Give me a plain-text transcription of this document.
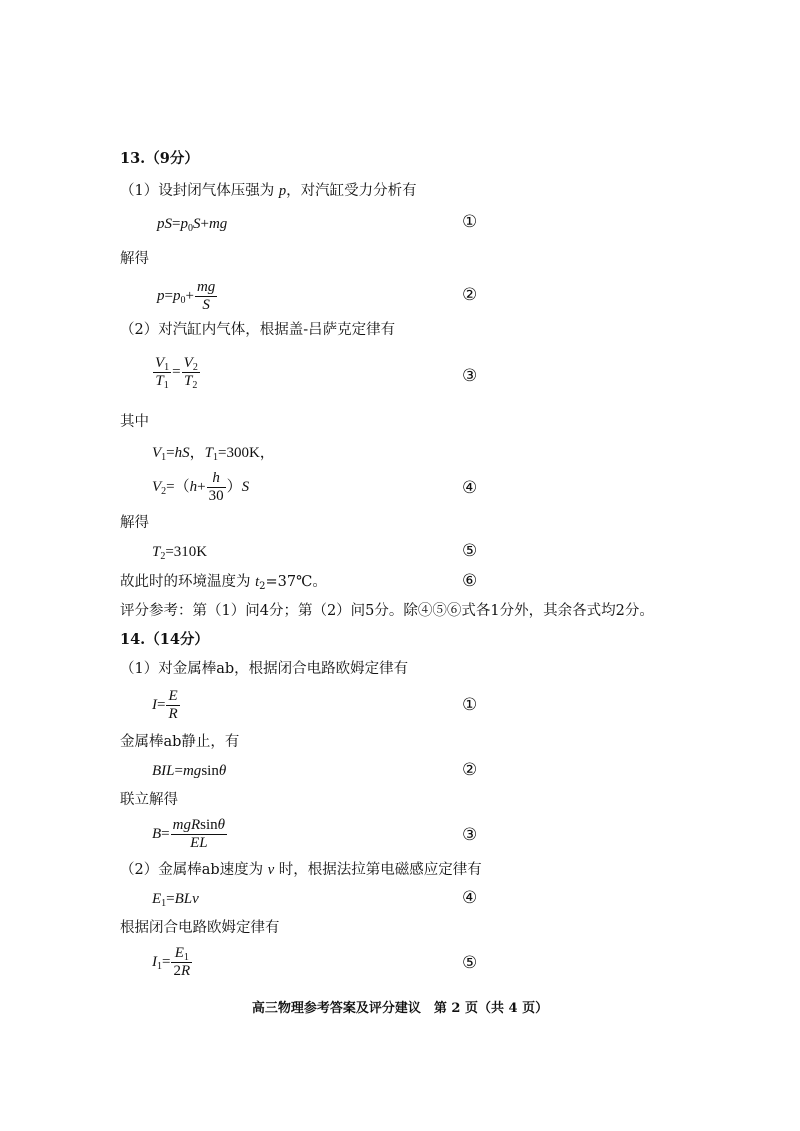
13.（9分）
（1）设封闭气体压强为 p，对汽缸受力分析有
$pS=p_0S+mg$	①
解得
$p=p_0+ \frac{mg}{S}$	②
（2）对汽缸内气体，根据盖-吕萨克定律有
$\frac{V_1}{T_1} = \frac{V_2}{T_2}$	③
其中
$V_1=hS$，$T_1=300K$，
$V_2=(h+ \frac{h}{30} )S$	④
解得
$T_2=310K$	⑤
故此时的环境温度为 $t_2=37℃$。	⑥
评分参考：第（1）问4分；第（2）问5分。除④⑤⑥式各1分外，其余各式均2分。
14.（14分）
（1）对金属棒ab，根据闭合电路欧姆定律有
$I= \frac{E}{R}$	①
金属棒ab静止，有
BIL=mgsinθ	②
联立解得
$B= \frac{\text{mgRsinθ}}{EL}$	③
（2）金属棒ab速度为 v 时，根据法拉第电磁感应定律有
$E_1=BLv$	④
根据闭合电路欧姆定律有
$I_1= \frac{E_1}{2R}$	⑤
高三物理参考答案及评分建议　第 2 页（共 4 页）
